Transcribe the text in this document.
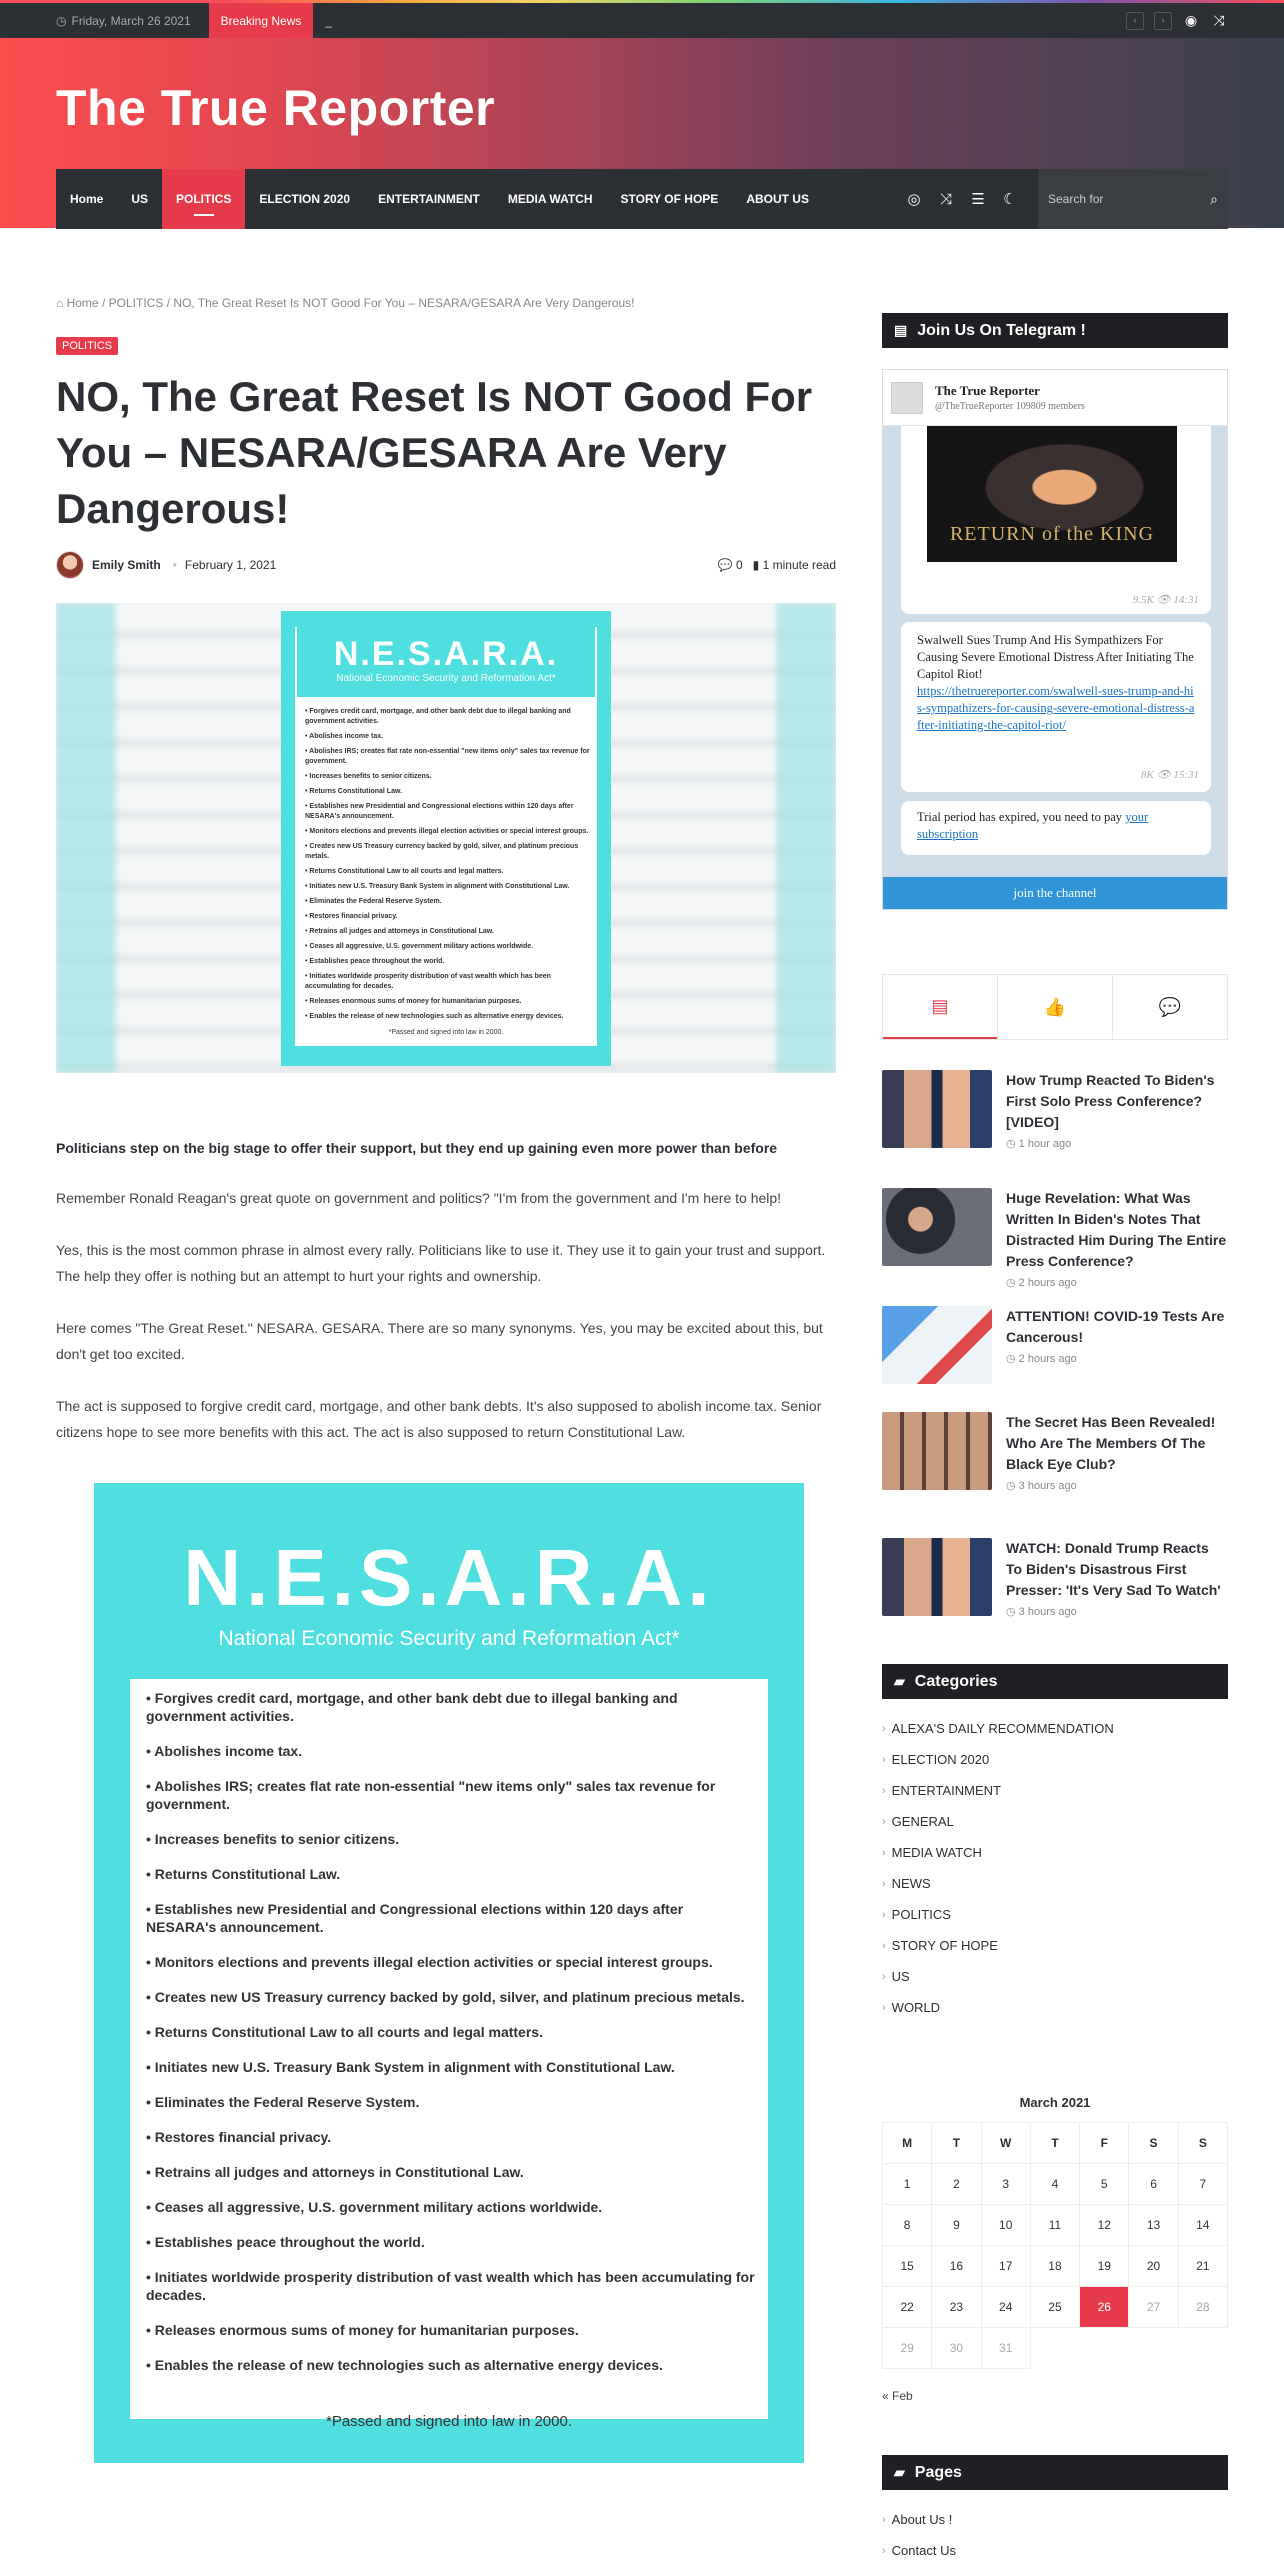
◷ Friday, March 26 2021	Breaking News	_	‹	›	◉ ⤨
The True Reporter
Home	US	POLITICS	ELECTION 2020	ENTERTAINMENT	MEDIA WATCH	STORY OF HOPE	ABOUT US	◎	⤨	☰	☾
Search for	⌕
⌂ Home / POLITICS / NO, The Great Reset Is NOT Good For You – NESARA/GESARA Are Very Dangerous!
POLITICS
NO, The Great Reset Is NOT Good For You – NESARA/GESARA Are Very Dangerous!
Emily Smith • February 1, 2021	💬 0 ▮ 1 minute read
N.E.S.A.R.A.
National Economic Security and Reformation Act*
• Forgives credit card, mortgage, and other bank debt due to illegal banking and government activities.
• Abolishes income tax.
• Abolishes IRS; creates flat rate non-essential "new items only" sales tax revenue for government.
• Increases benefits to senior citizens.
• Returns Constitutional Law.
• Establishes new Presidential and Congressional elections within 120 days after NESARA's announcement.
• Monitors elections and prevents illegal election activities or special interest groups.
• Creates new US Treasury currency backed by gold, silver, and platinum precious metals.
• Returns Constitutional Law to all courts and legal matters.
• Initiates new U.S. Treasury Bank System in alignment with Constitutional Law.
• Eliminates the Federal Reserve System.
• Restores financial privacy.
• Retrains all judges and attorneys in Constitutional Law.
• Ceases all aggressive, U.S. government military actions worldwide.
• Establishes peace throughout the world.
• Initiates worldwide prosperity distribution of vast wealth which has been accumulating for decades.
• Releases enormous sums of money for humanitarian purposes.
• Enables the release of new technologies such as alternative energy devices.
*Passed and signed into law in 2000.

Politicians step on the big stage to offer their support, but they end up gaining even more power than before

Remember Ronald Reagan's great quote on government and politics? "I'm from the government and I'm here to help!

Yes, this is the most common phrase in almost every rally. Politicians like to use it. They use it to gain your trust and support. The help they offer is nothing but an attempt to hurt your rights and ownership.

Here comes "The Great Reset." NESARA. GESARA. There are so many synonyms. Yes, you may be excited about this, but don't get too excited.

The act is supposed to forgive credit card, mortgage, and other bank debts. It's also supposed to abolish income tax. Senior citizens hope to see more benefits with this act. The act is also supposed to return Constitutional Law.

N.E.S.A.R.A.
National Economic Security and Reformation Act*
• Forgives credit card, mortgage, and other bank debt due to illegal banking and government activities.
• Abolishes income tax.
• Abolishes IRS; creates flat rate non-essential "new items only" sales tax revenue for government.
• Increases benefits to senior citizens.
• Returns Constitutional Law.
• Establishes new Presidential and Congressional elections within 120 days after NESARA's announcement.
• Monitors elections and prevents illegal election activities or special interest groups.
• Creates new US Treasury currency backed by gold, silver, and platinum precious metals.
• Returns Constitutional Law to all courts and legal matters.
• Initiates new U.S. Treasury Bank System in alignment with Constitutional Law.
• Eliminates the Federal Reserve System.
• Restores financial privacy.
• Retrains all judges and attorneys in Constitutional Law.
• Ceases all aggressive, U.S. government military actions worldwide.
• Establishes peace throughout the world.
• Initiates worldwide prosperity distribution of vast wealth which has been accumulating for decades.
• Releases enormous sums of money for humanitarian purposes.
• Enables the release of new technologies such as alternative energy devices.
*Passed and signed into law in 2000.
▤ Join Us On Telegram !
The True Reporter
@TheTrueReporter 109809 members
RETURN of the KING
9.5K 👁 14:31
Swalwell Sues Trump And His Sympathizers For Causing Severe Emotional Distress After Initiating The Capitol Riot!
https://thetruereporter.com/swalwell-sues-trump-and-his-sympathizers-for-causing-severe-emotional-distress-after-initiating-the-capitol-riot/
8K 👁 15:31
Trial period has expired, you need to pay your subscription
join the channel
▤	👍	💬
How Trump Reacted To Biden's First Solo Press Conference? [VIDEO]
◷ 1 hour ago
Huge Revelation: What Was Written In Biden's Notes That Distracted Him During The Entire Press Conference?
◷ 2 hours ago
ATTENTION! COVID-19 Tests Are Cancerous!
◷ 2 hours ago
The Secret Has Been Revealed! Who Are The Members Of The Black Eye Club?
◷ 3 hours ago
WATCH: Donald Trump Reacts To Biden's Disastrous First Presser: 'It's Very Sad To Watch'
◷ 3 hours ago
▰ Categories
› ALEXA'S DAILY RECOMMENDATION
› ELECTION 2020
› ENTERTAINMENT
› GENERAL
› MEDIA WATCH
› NEWS
› POLITICS
› STORY OF HOPE
› US
› WORLD
March 2021
M	T	W	T	F	S	S
1	2	3	4	5	6	7
8	9	10	11	12	13	14
15	16	17	18	19	20	21
22	23	24	25	26	27	28
29	30	31				
« Feb
▰ Pages
› About Us !
› Contact Us
